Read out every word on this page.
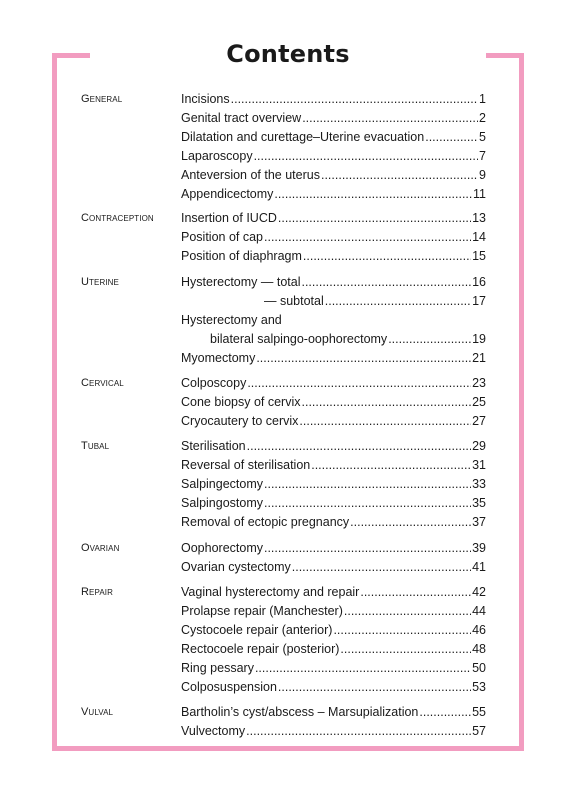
Contents
General	Incisions .....	1
Genital tract overview .....	2
Dilatation and curettage–Uterine evacuation .....	5
Laparoscopy .....	7
Anteversion of the uterus .....	9
Appendicectomy .....	11
Contraception Insertion of IUCD .....	13
Position of cap .....	14
Position of diaphragm .....	15
Uterine	Hysterectomy — total .....	16
— subtotal .....	17
Hysterectomy and
bilateral salpingo-oophorectomy .....	19
Myomectomy .....	21
Cervical	Colposcopy .....	23
Cone biopsy of cervix .....	25
Cryocautery to cervix .....	27
Tubal	Sterilisation .....	29
Reversal of sterilisation .....	31
Salpingectomy .....	33
Salpingostomy .....	35
Removal of ectopic pregnancy .....	37
Ovarian	Oophorectomy .....	39
Ovarian cystectomy .....	41
Repair	Vaginal hysterectomy and repair .....	42
Prolapse repair (Manchester) .....	44
Cystocoele repair (anterior) .....	46
Rectocoele repair (posterior) .....	48
Ring pessary .....	50
Colposuspension .....	53
Vulval	Bartholin’s cyst/abscess – Marsupialization .....	55
Vulvectomy .....	57
